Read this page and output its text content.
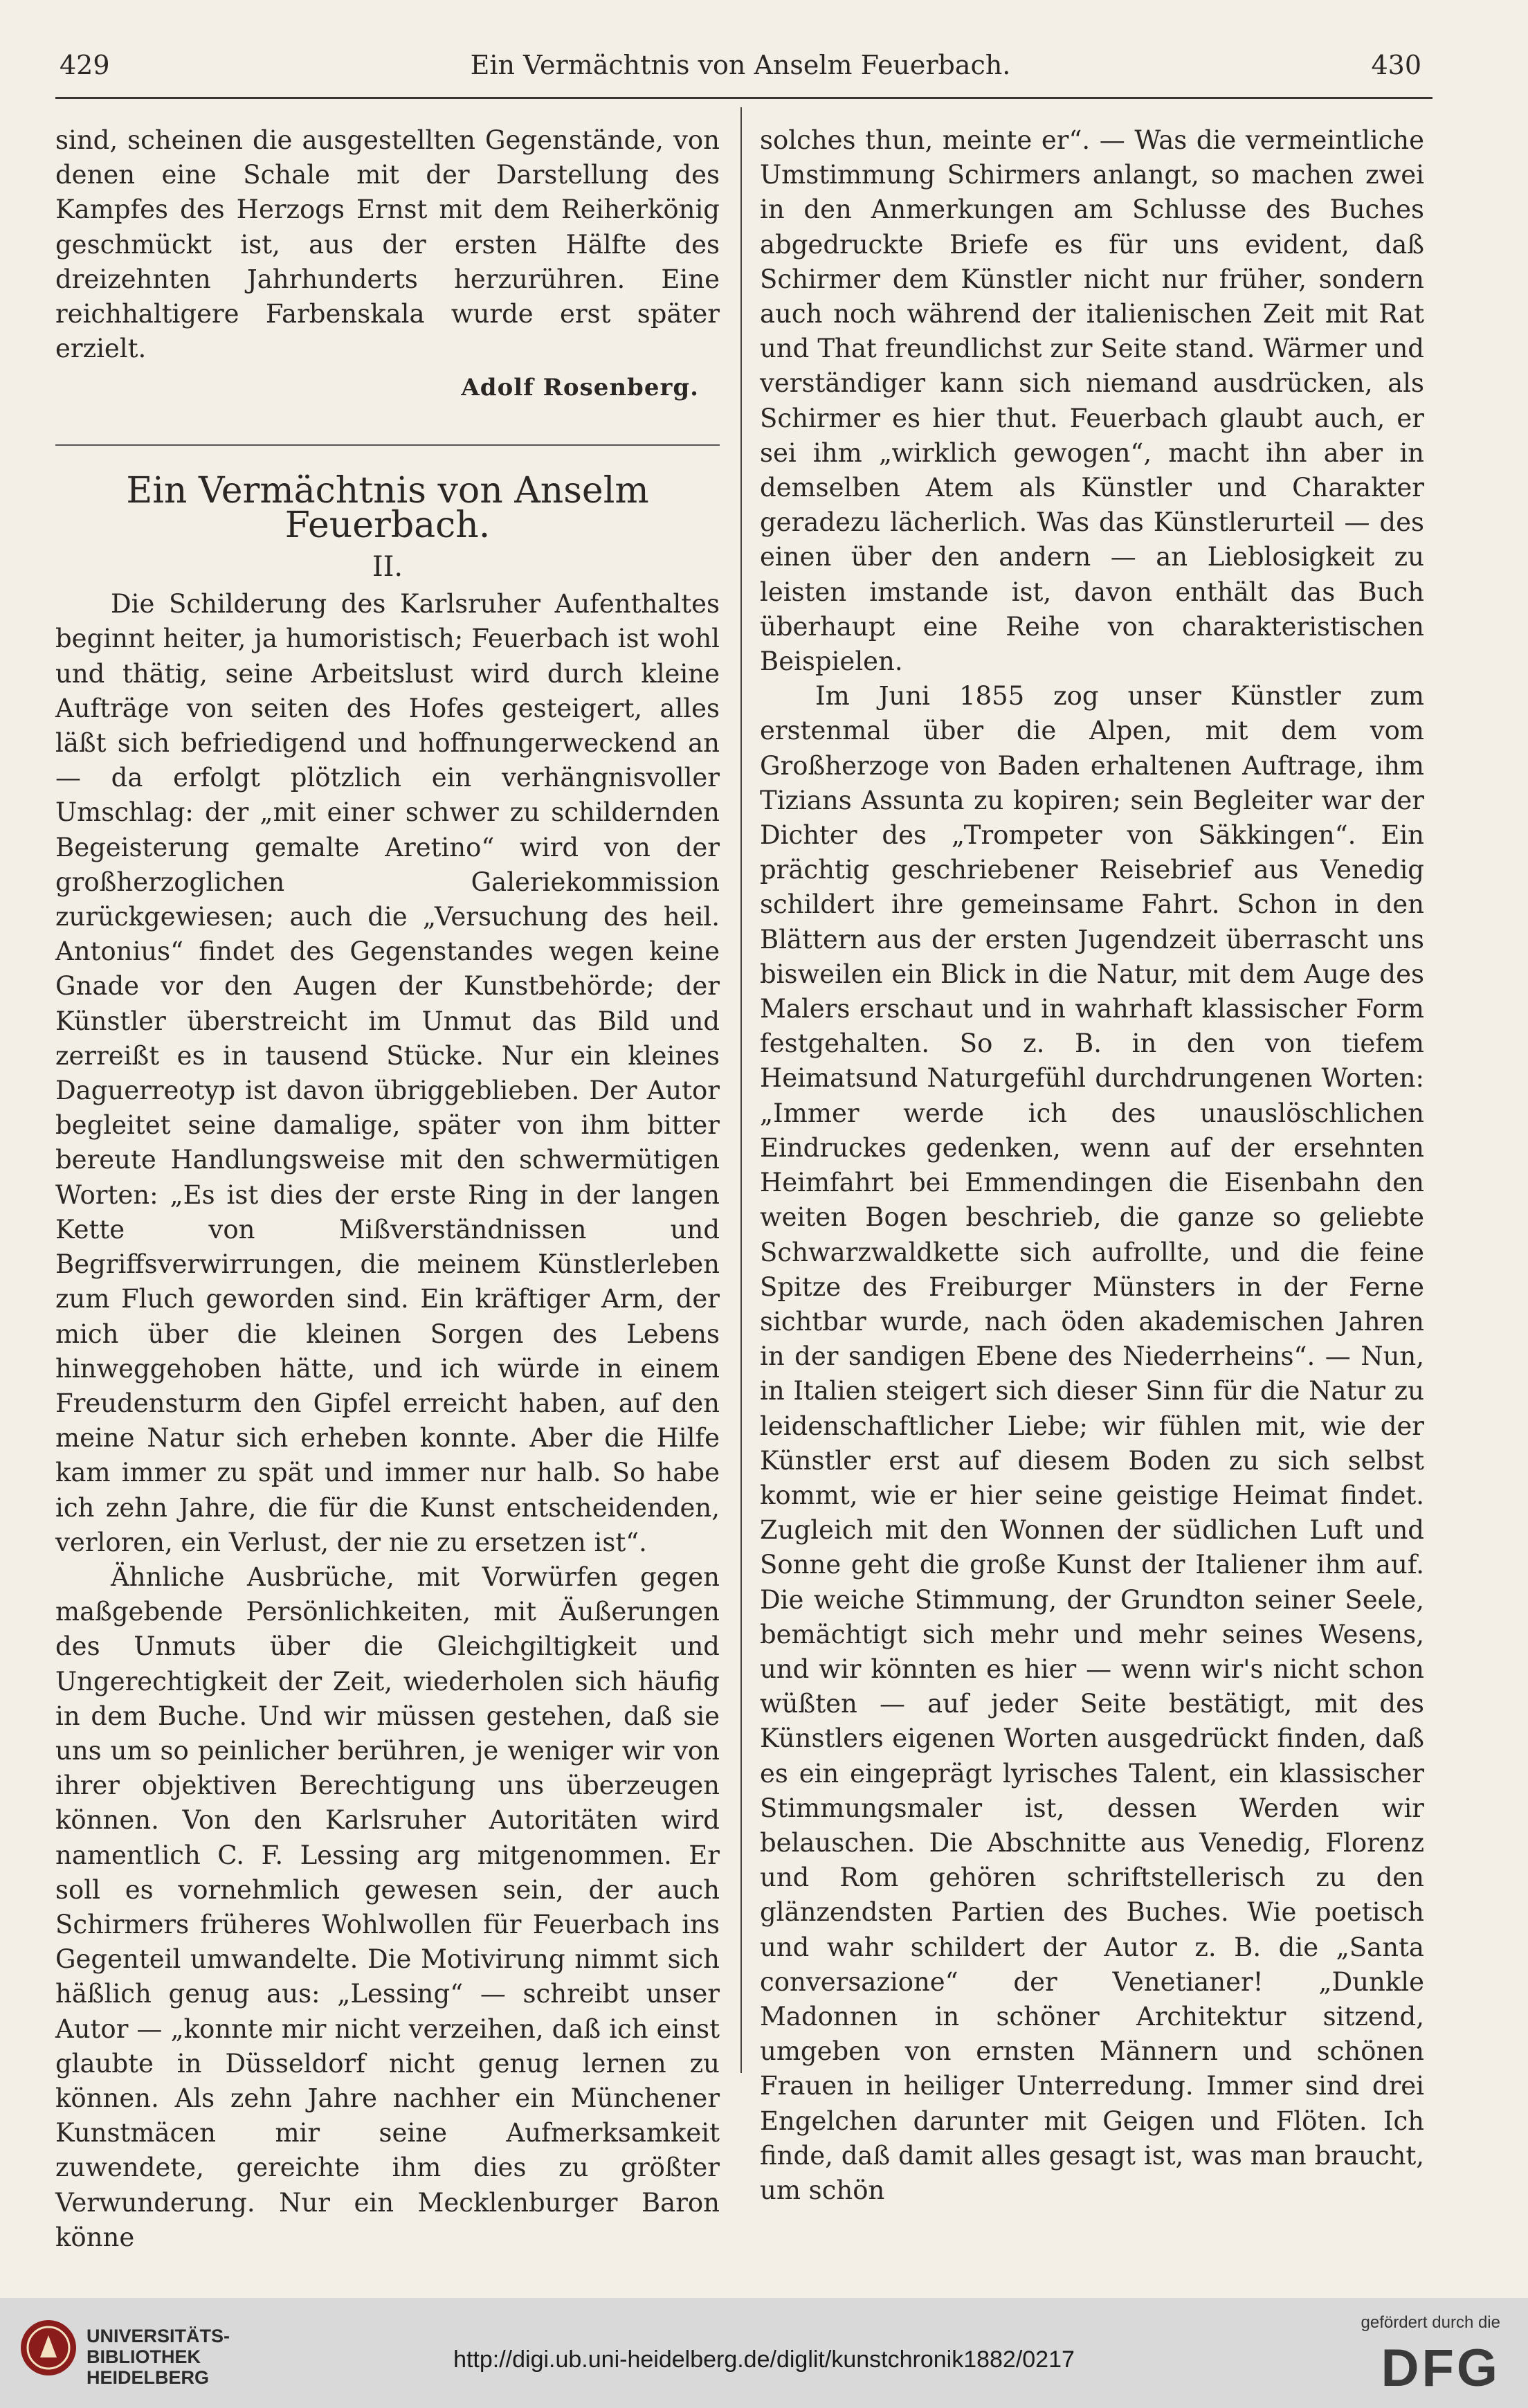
429	Ein Vermächtnis von Anselm Feuerbach.	430

sind, scheinen die ausgestellten Gegenstände, von denen eine Schale mit der Darstellung des Kampfes des Herzogs Ernst mit dem Reiherkönig geschmückt ist, aus der ersten Hälfte des dreizehnten Jahrhunderts herzurühren. Eine reichhaltigere Farbenskala wurde erst später erzielt.

Adolf Rosenberg.
Ein Vermächtnis von Anselm Feuerbach.
II.

Die Schilderung des Karlsruher Aufenthaltes beginnt heiter, ja humoristisch; Feuerbach ist wohl und thätig, seine Arbeitslust wird durch kleine Aufträge von seiten des Hofes gesteigert, alles läßt sich befriedigend und hoffnungerweckend an — da erfolgt plötzlich ein verhängnisvoller Umschlag: der „mit einer schwer zu schildernden Begeisterung gemalte Aretino“ wird von der großherzoglichen Galeriekommission zurückgewiesen; auch die „Versuchung des heil. Antonius“ findet des Gegenstandes wegen keine Gnade vor den Augen der Kunstbehörde; der Künstler überstreicht im Unmut das Bild und zerreißt es in tausend Stücke. Nur ein kleines Daguerreotyp ist davon übriggeblieben. Der Autor begleitet seine damalige, später von ihm bitter bereute Handlungsweise mit den schwermütigen Worten: „Es ist dies der erste Ring in der langen Kette von Mißverständnissen und Begriffsverwirrungen, die meinem Künstlerleben zum Fluch geworden sind. Ein kräftiger Arm, der mich über die kleinen Sorgen des Lebens hinweggehoben hätte, und ich würde in einem Freudensturm den Gipfel erreicht haben, auf den meine Natur sich erheben konnte. Aber die Hilfe kam immer zu spät und immer nur halb. So habe ich zehn Jahre, die für die Kunst entscheidenden, verloren, ein Verlust, der nie zu ersetzen ist“.

Ähnliche Ausbrüche, mit Vorwürfen gegen maßgebende Persönlichkeiten, mit Äußerungen des Unmuts über die Gleichgiltigkeit und Ungerechtigkeit der Zeit, wiederholen sich häufig in dem Buche. Und wir müssen gestehen, daß sie uns um so peinlicher berühren, je weniger wir von ihrer objektiven Berechtigung uns überzeugen können. Von den Karlsruher Autoritäten wird namentlich C. F. Lessing arg mitgenommen. Er soll es vornehmlich gewesen sein, der auch Schirmers früheres Wohlwollen für Feuerbach ins Gegenteil umwandelte. Die Motivirung nimmt sich häßlich genug aus: „Lessing“ — schreibt unser Autor — „konnte mir nicht verzeihen, daß ich einst glaubte in Düsseldorf nicht genug lernen zu können. Als zehn Jahre nachher ein Münchener Kunstmäcen mir seine Aufmerksamkeit zuwendete, gereichte ihm dies zu größter Verwunderung. Nur ein Mecklenburger Baron könne

solches thun, meinte er“. — Was die vermeintliche Umstimmung Schirmers anlangt, so machen zwei in den Anmerkungen am Schlusse des Buches abgedruckte Briefe es für uns evident, daß Schirmer dem Künstler nicht nur früher, sondern auch noch während der italienischen Zeit mit Rat und That freundlichst zur Seite stand. Wärmer und verständiger kann sich niemand ausdrücken, als Schirmer es hier thut. Feuerbach glaubt auch, er sei ihm „wirklich gewogen“, macht ihn aber in demselben Atem als Künstler und Charakter geradezu lächerlich. Was das Künstlerurteil — des einen über den andern — an Lieblosigkeit zu leisten imstande ist, davon enthält das Buch überhaupt eine Reihe von charakteristischen Beispielen.

Im Juni 1855 zog unser Künstler zum erstenmal über die Alpen, mit dem vom Großherzoge von Baden erhaltenen Auftrage, ihm Tizians Assunta zu kopiren; sein Begleiter war der Dichter des „Trompeter von Säkkingen“. Ein prächtig geschriebener Reisebrief aus Venedig schildert ihre gemeinsame Fahrt. Schon in den Blättern aus der ersten Jugendzeit überrascht uns bisweilen ein Blick in die Natur, mit dem Auge des Malers erschaut und in wahrhaft klassischer Form festgehalten. So z. B. in den von tiefem Heimatsund Naturgefühl durchdrungenen Worten: „Immer werde ich des unauslöschlichen Eindruckes gedenken, wenn auf der ersehnten Heimfahrt bei Emmendingen die Eisenbahn den weiten Bogen beschrieb, die ganze so geliebte Schwarzwaldkette sich aufrollte, und die feine Spitze des Freiburger Münsters in der Ferne sichtbar wurde, nach öden akademischen Jahren in der sandigen Ebene des Niederrheins“. — Nun, in Italien steigert sich dieser Sinn für die Natur zu leidenschaftlicher Liebe; wir fühlen mit, wie der Künstler erst auf diesem Boden zu sich selbst kommt, wie er hier seine geistige Heimat findet. Zugleich mit den Wonnen der südlichen Luft und Sonne geht die große Kunst der Italiener ihm auf. Die weiche Stimmung, der Grundton seiner Seele, bemächtigt sich mehr und mehr seines Wesens, und wir könnten es hier — wenn wir's nicht schon wüßten — auf jeder Seite bestätigt, mit des Künstlers eigenen Worten ausgedrückt finden, daß es ein eingeprägt lyrisches Talent, ein klassischer Stimmungsmaler ist, dessen Werden wir belauschen. Die Abschnitte aus Venedig, Florenz und Rom gehören schriftstellerisch zu den glänzendsten Partien des Buches. Wie poetisch und wahr schildert der Autor z. B. die „Santa conversazione“ der Venetianer! „Dunkle Madonnen in schöner Architektur sitzend, umgeben von ernsten Männern und schönen Frauen in heiliger Unterredung. Immer sind drei Engelchen darunter mit Geigen und Flöten. Ich finde, daß damit alles gesagt ist, was man braucht, um schön

UNIVERSITÄTS-
BIBLIOTHEK
HEIDELBERG
http://digi.ub.uni-heidelberg.de/diglit/kunstchronik1882/0217
gefördert durch die
DFG
